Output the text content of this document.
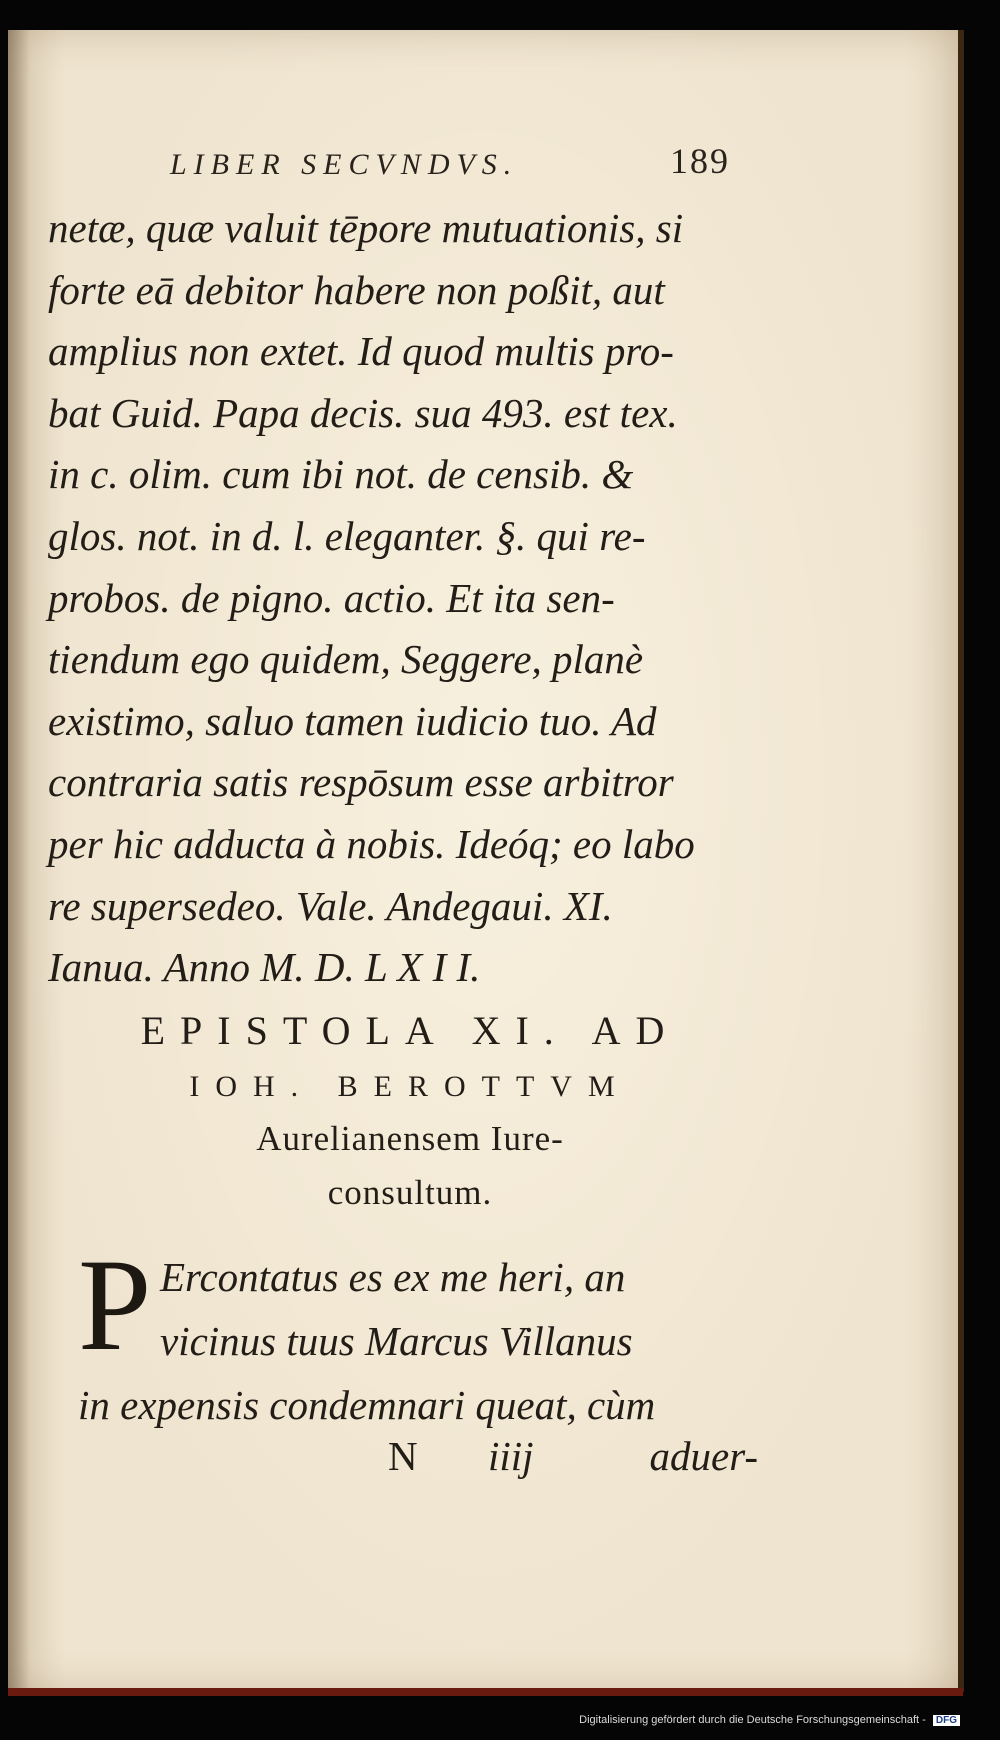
LIBER SECVNDVS.	189
netæ, quæ valuit tēpore mutuationis, si
forte eā debitor habere non poßit, aut
amplius non extet. Id quod multis pro-
bat Guid. Papa decis. sua 493. est tex.
in c. olim. cum ibi not. de censib. &
glos. not. in d. l. eleganter. §. qui re-
probos. de pigno. actio. Et ita sen-
tiendum ego quidem, Seggere, planè
existimo, saluo tamen iudicio tuo. Ad
contraria satis respōsum esse arbitror
per hic adducta à nobis. Ideóq; eo labo
re supersedeo. Vale. Andegaui. XI.
Ianua. Anno M. D. L X I I.
EPISTOLA XI. AD
IOH. BEROTTVM
Aurelianensem Iure-
consultum.
P Ercontatus es ex me heri, an
vicinus tuus Marcus Villanus
in expensis condemnari queat, cùm
N iiij	aduer-
Digitalisierung gefördert durch die Deutsche Forschungsgemeinschaft - DFG
